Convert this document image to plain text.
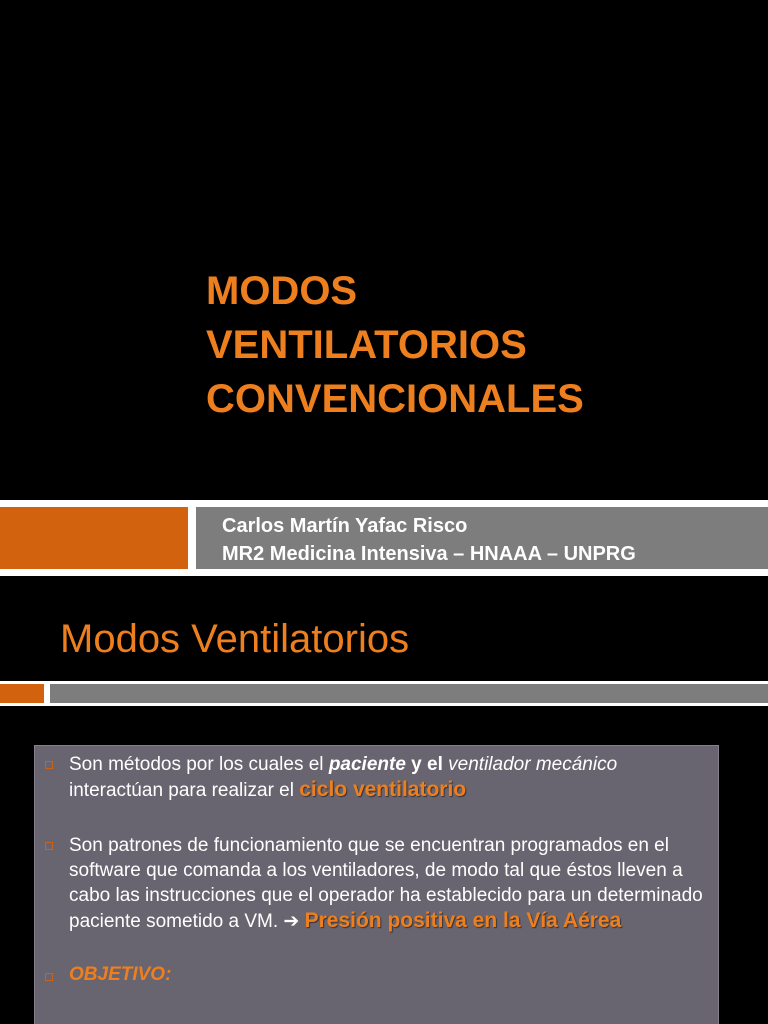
MODOS
VENTILATORIOS
CONVENCIONALES
Carlos Martín Yafac Risco
MR2 Medicina Intensiva – HNAAA – UNPRG
Modos Ventilatorios
Son métodos por los cuales el paciente y el ventilador mecánico interactúan para realizar el ciclo ventilatorio
Son patrones de funcionamiento que se encuentran programados en el software que comanda a los ventiladores, de modo tal que éstos lleven a cabo las instrucciones que el operador ha establecido para un determinado paciente sometido a VM. ➔ Presión positiva en la Vía Aérea
OBJETIVO:
